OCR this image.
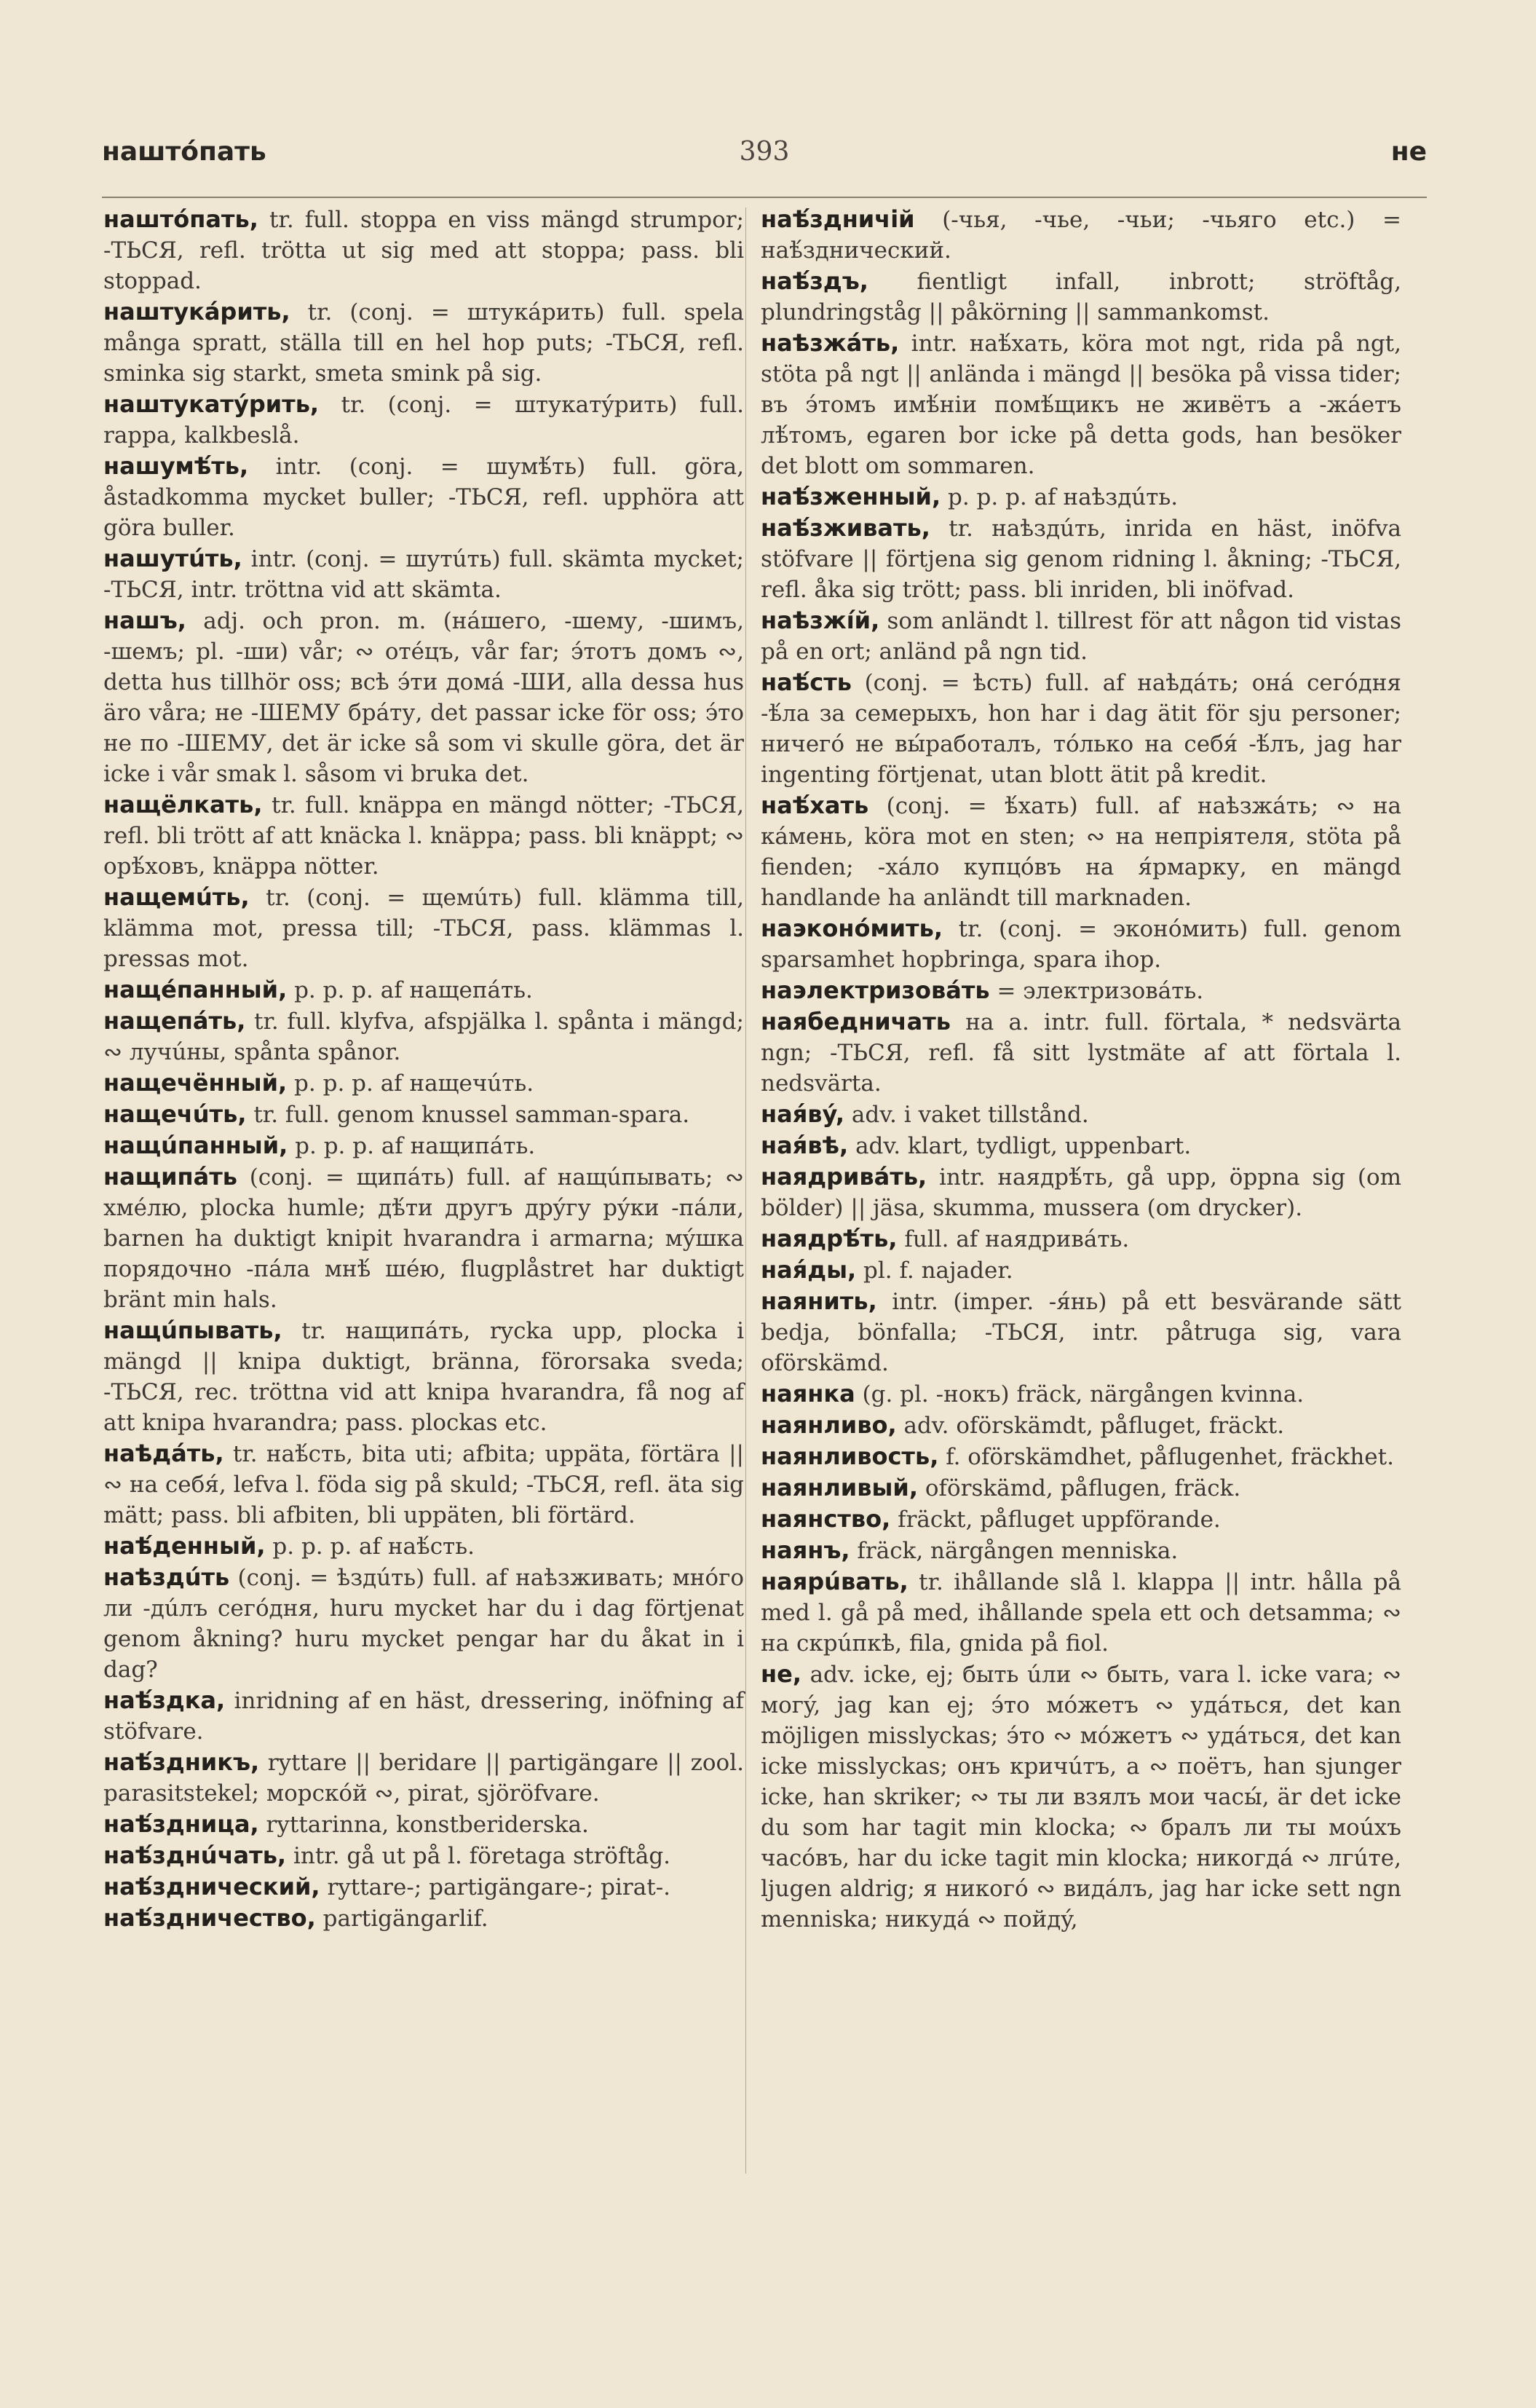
наштóпать	393	не
наштóпать, tr. full. stoppa en viss mängd strumpor; -ТЬСЯ, refl. trötta ut sig med att stoppa; pass. bli stoppad.
наштукáрить, tr. (conj. = штукáрить) full. spela många spratt, ställa till en hel hop puts; -ТЬСЯ, refl. sminka sig starkt, smeta smink på sig.
наштукатýрить, tr. (conj. = штукатýрить) full. rappa, kalkbeslå.
нашумѣ́ть, intr. (conj. = шумѣ́ть) full. göra, åstadkomma mycket buller; -ТЬСЯ, refl. upphöra att göra buller.
нашутúть, intr. (conj. = шутúть) full. skämta mycket; -ТЬСЯ, intr. tröttna vid att skämta.
нашъ, adj. och pron. m. (нáшего, -шему, -шимъ, -шемъ; pl. -ши) vår; ∾ отéцъ, vår far; э́тотъ домъ ∾, detta hus tillhör oss; всѣ э́ти домá -ШИ, alla dessa hus äro våra; не -ШЕМУ брáту, det passar icke för oss; э́то не по -ШЕМУ, det är icke så som vi skulle göra, det är icke i vår smak l. såsom vi bruka det.
нащёлкать, tr. full. knäppa en mängd nötter; -ТЬСЯ, refl. bli trött af att knäcka l. knäppa; pass. bli knäppt; ∾ орѣ́ховъ, knäppa nötter.
нащемúть, tr. (conj. = щемúть) full. klämma till, klämma mot, pressa till; -ТЬСЯ, pass. klämmas l. pressas mot.
нащéпанный, p. p. p. af нащепáть.
нащепáть, tr. full. klyfva, afspjälka l. spånta i mängd; ∾ лучúны, spånta spånor.
нащечённый, p. p. p. af нащечúть.
нащечúть, tr. full. genom knussel samman-spara.
нащúпанный, p. p. p. af нащипáть.
нащипáть (conj. = щипáть) full. af нащúпывать; ∾ хмéлю, plocka humle; дѣ́ти другъ дрýгу рýки -пáли, barnen ha duktigt knipit hvarandra i armarna; мýшка порядочно -пáла мнѣ́ шéю, flugplåstret har duktigt bränt min hals.
нащúпывать, tr. нащипáть, rycka upp, plocka i mängd || knipa duktigt, bränna, förorsaka sveda; -ТЬСЯ, rec. tröttna vid att knipa hvarandra, få nog af att knipa hvarandra; pass. plockas etc.
наѣдáть, tr. наѣ́сть, bita uti; afbita; uppäta, förtära || ∾ на себя́, lefva l. föda sig på skuld; -ТЬСЯ, refl. äta sig mätt; pass. bli afbiten, bli uppäten, bli förtärd.
наѣ́денный, p. p. p. af наѣ́сть.
наѣздúть (conj. = ѣздúть) full. af наѣзживать; мнóго ли -дúлъ сегóдня, huru mycket har du i dag förtjenat genom åkning? huru mycket pengar har du åkat in i dag?
наѣ́здка, inridning af en häst, dressering, inöfning af stöfvare.
наѣ́здникъ, ryttare || beridare || partigängare || zool. parasitstekel; морскóй ∾, pirat, sjöröfvare.
наѣ́здница, ryttarinna, konstberiderska.
наѣ́зднúчать, intr. gå ut på l. företaga ströftåg.
наѣ́зднический, ryttare-; partigängare-; pirat-.
наѣ́здничество, partigängarlif.
наѣ́здничій (-чья, -чье, -чьи; -чьяго etc.) = наѣ́зднический.
наѣ́здъ, fientligt infall, inbrott; ströftåg, plundringståg || påkörning || sammankomst.
наѣзжáть, intr. наѣ́хать, köra mot ngt, rida på ngt, stöta på ngt || anlända i mängd || besöka på vissa tider; въ э́томъ имѣ́ніи помѣ́щикъ не живётъ а -жáетъ лѣ́томъ, egaren bor icke på detta gods, han besöker det blott om sommaren.
наѣ́зженный, p. p. p. af наѣздúть.
наѣ́зживать, tr. наѣздúть, inrida en häst, inöfva stöfvare || förtjena sig genom ridning l. åkning; -ТЬСЯ, refl. åka sig trött; pass. bli inriden, bli inöfvad.
наѣзжíй, som anländt l. tillrest för att någon tid vistas på en ort; anländ på ngn tid.
наѣ́сть (conj. = ѣсть) full. af наѣдáть; онá сегóдня -ѣ́ла за семерыхъ, hon har i dag ätit för sju personer; ничегó не вы́работалъ, тóлько на себя́ -ѣ́лъ, jag har ingenting förtjenat, utan blott ätit på kredit.
наѣ́хать (conj. = ѣ́хать) full. af наѣзжáть; ∾ на кáмень, köra mot en sten; ∾ на непріятеля, stöta på fienden; -хáло купцóвъ на я́рмарку, en mängd handlande ha anländt till marknaden.
наэконóмить, tr. (conj. = эконóмить) full. genom sparsamhet hopbringa, spara ihop.
наэлектризовáть = электризовáть.
наябедничать на a. intr. full. förtala, * nedsvärta ngn; -ТЬСЯ, refl. få sitt lystmäte af att förtala l. nedsvärta.
ная́вý, adv. i vaket tillstånd.
ная́вѣ, adv. klart, tydligt, uppenbart.
наядривáть, intr. наядрѣ́ть, gå upp, öppna sig (om bölder) || jäsa, skumma, mussera (om drycker).
наядрѣ́ть, full. af наядривáть.
ная́ды, pl. f. najader.
наянить, intr. (imper. -я́нь) på ett besvärande sätt bedja, bönfalla; -ТЬСЯ, intr. påtruga sig, vara oförskämd.
наянка (g. pl. -нокъ) fräck, närgången kvinna.
наянливо, adv. oförskämdt, påfluget, fräckt.
наянливость, f. oförskämdhet, påflugenhet, fräckhet.
наянливый, oförskämd, påflugen, fräck.
наянство, fräckt, påfluget uppförande.
наянъ, fräck, närgången menniska.
наярúвать, tr. ihållande slå l. klappa || intr. hålla på med l. gå på med, ihållande spela ett och detsamma; ∾ на скрúпкѣ, fila, gnida på fiol.
не, adv. icke, ej; быть úли ∾ быть, vara l. icke vara; ∾ могý, jag kan ej; э́то мóжетъ ∾ удáться, det kan möjligen misslyckas; э́то ∾ мóжетъ ∾ удáться, det kan icke misslyckas; онъ кричúтъ, а ∾ поётъ, han sjunger icke, han skriker; ∾ ты ли взялъ мои часы́, är det icke du som har tagit min klocka; ∾ бралъ ли ты моúхъ часóвъ, har du icke tagit min klocka; никогдá ∾ лгúте, ljugen aldrig; я никогó ∾ видáлъ, jag har icke sett ngn menniska; никудá ∾ пойдý,
